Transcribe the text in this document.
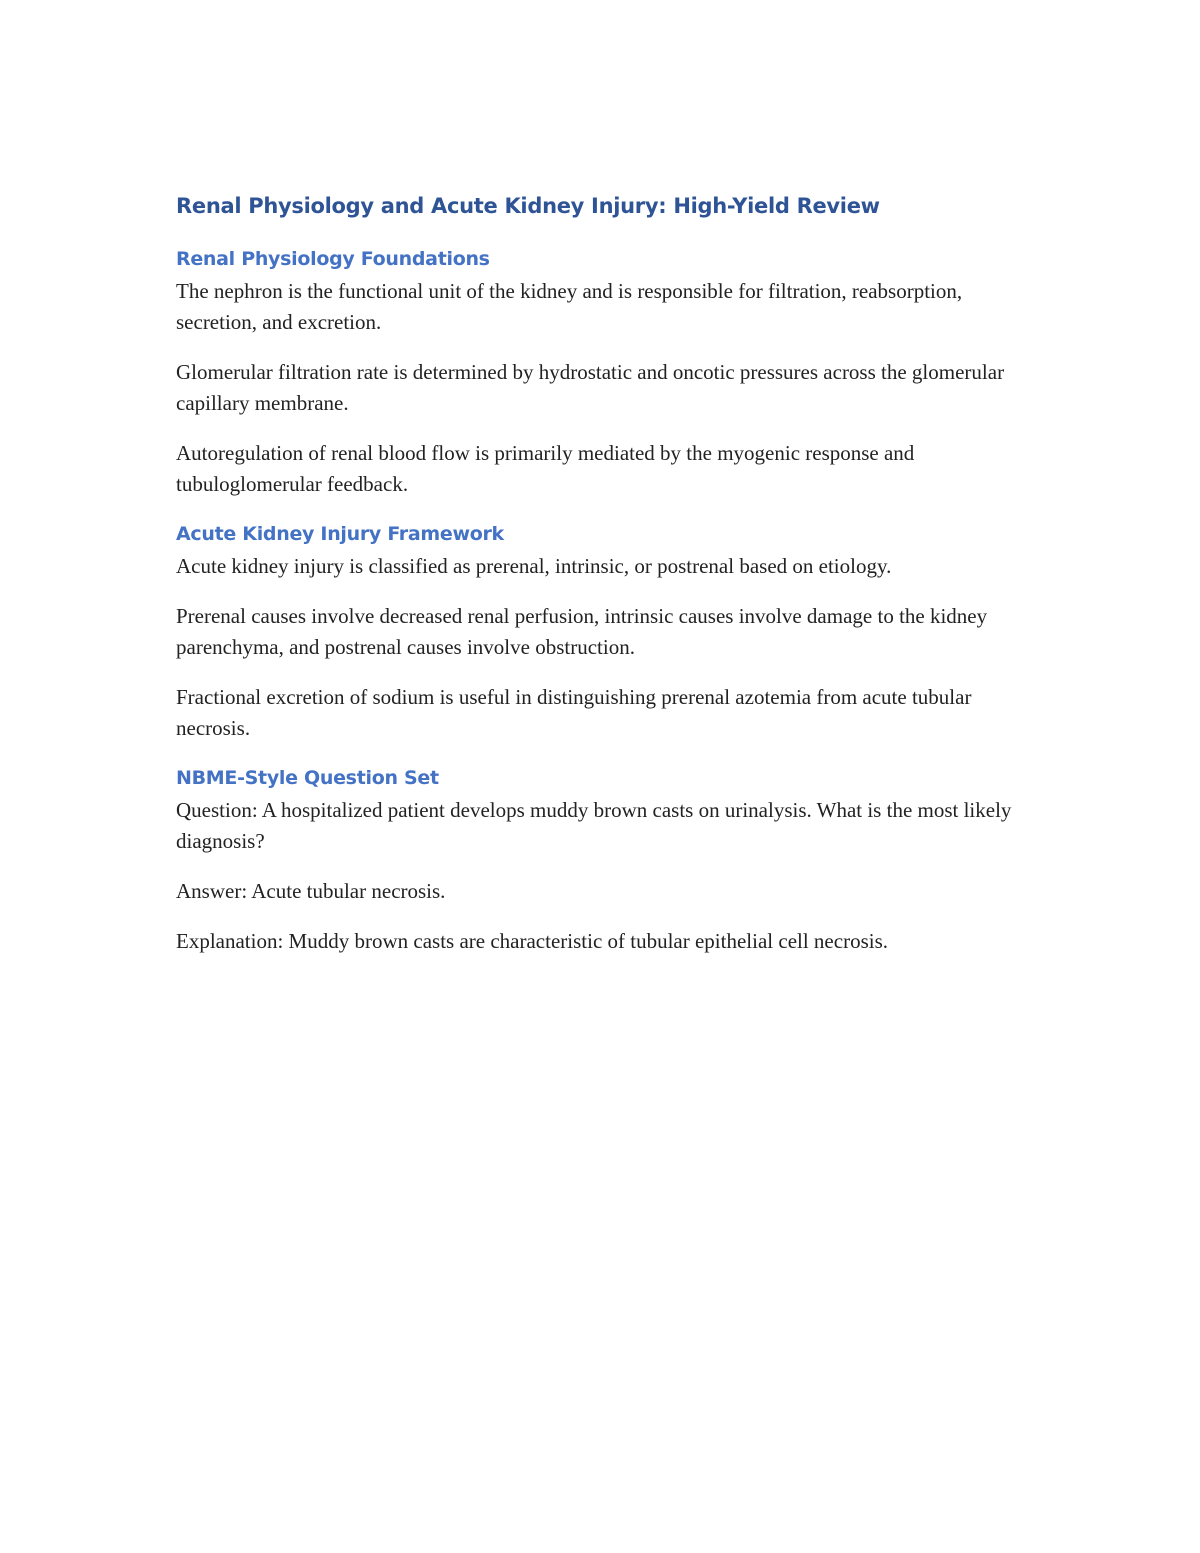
Renal Physiology and Acute Kidney Injury: High-Yield Review
Renal Physiology Foundations

The nephron is the functional unit of the kidney and is responsible for filtration, reabsorption, secretion, and excretion.

Glomerular filtration rate is determined by hydrostatic and oncotic pressures across the glomerular capillary membrane.

Autoregulation of renal blood flow is primarily mediated by the myogenic response and tubuloglomerular feedback.

Acute Kidney Injury Framework

Acute kidney injury is classified as prerenal, intrinsic, or postrenal based on etiology.

Prerenal causes involve decreased renal perfusion, intrinsic causes involve damage to the kidney parenchyma, and postrenal causes involve obstruction.

Fractional excretion of sodium is useful in distinguishing prerenal azotemia from acute tubular necrosis.

NBME-Style Question Set

Question: A hospitalized patient develops muddy brown casts on urinalysis. What is the most likely diagnosis?

Answer: Acute tubular necrosis.

Explanation: Muddy brown casts are characteristic of tubular epithelial cell necrosis.
